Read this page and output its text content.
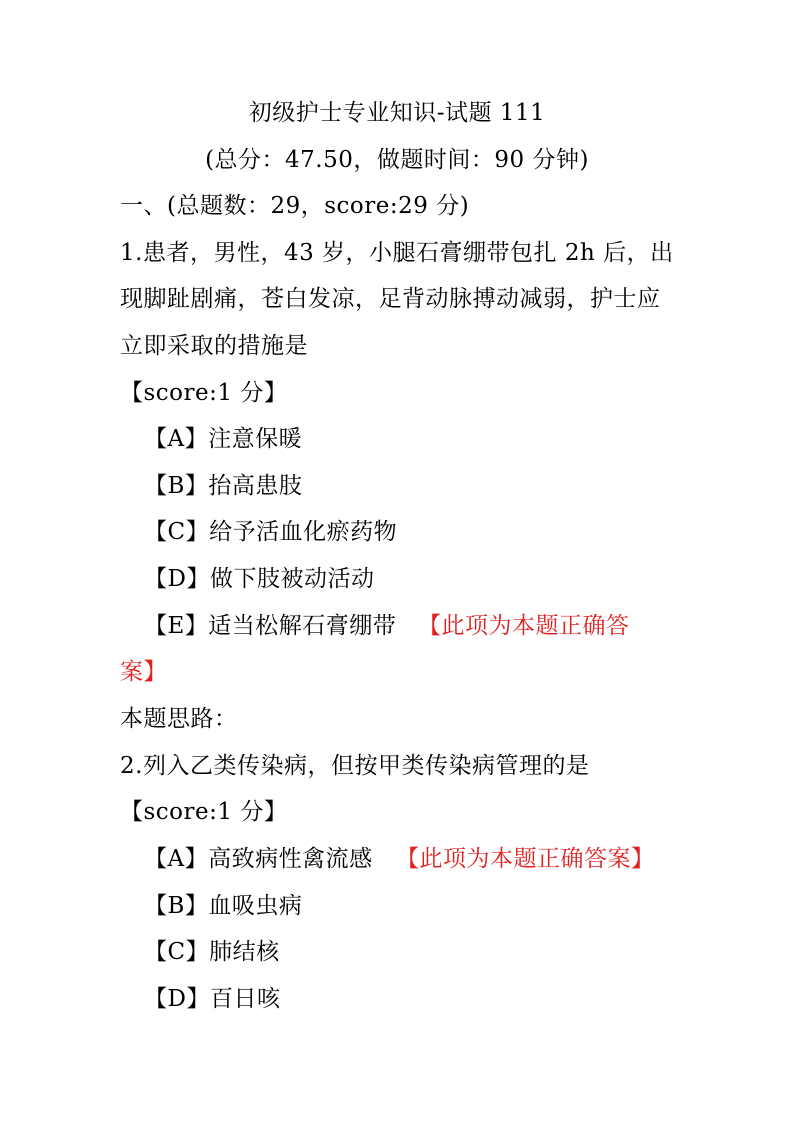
初级护士专业知识-试题 111
(总分：47.50，做题时间：90 分钟)
一、(总题数：29，score:29 分)
1.患者，男性，43 岁，小腿石膏绷带包扎 2h 后，出
现脚趾剧痛，苍白发凉，足背动脉搏动减弱，护士应
立即采取的措施是
【score:1 分】
【A】注意保暖
【B】抬高患肢
【C】给予活血化瘀药物
【D】做下肢被动活动
【E】适当松解石膏绷带 【此项为本题正确答
案】
本题思路：
2.列入乙类传染病，但按甲类传染病管理的是
【score:1 分】
【A】高致病性禽流感 【此项为本题正确答案】
【B】血吸虫病
【C】肺结核
【D】百日咳
